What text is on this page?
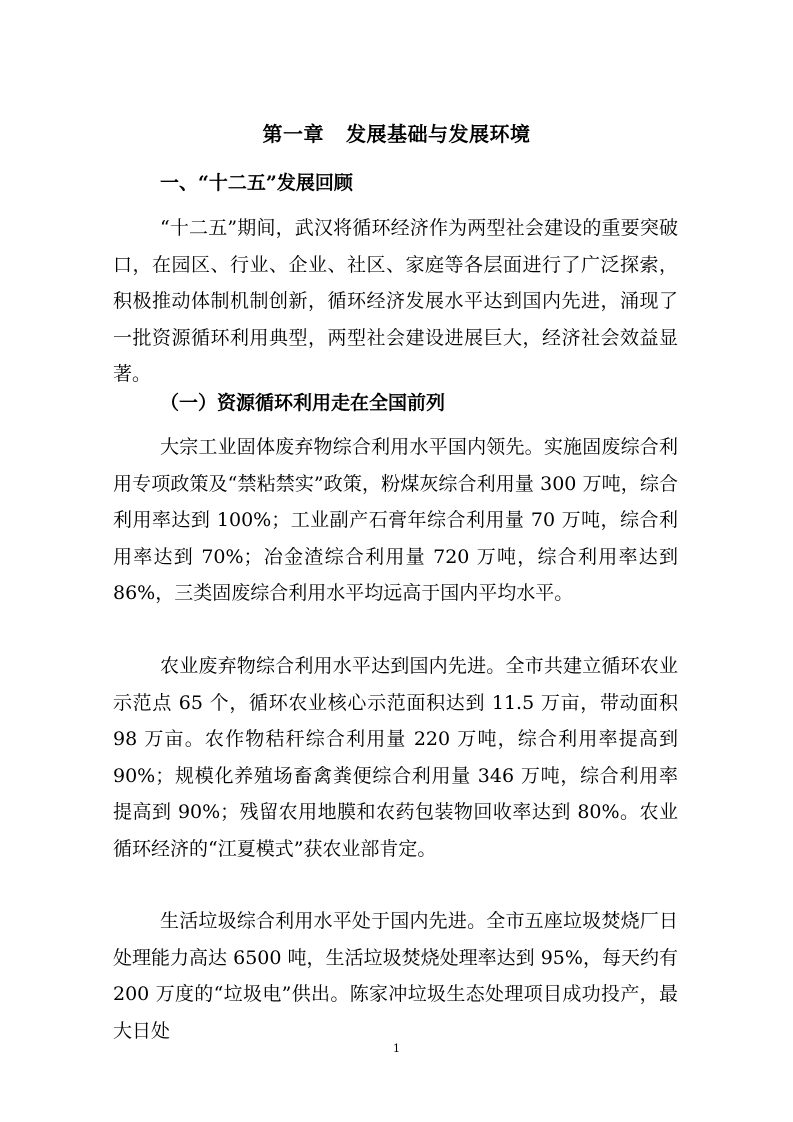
第一章 发展基础与发展环境
一、“十二五”发展回顾

“十二五”期间，武汉将循环经济作为两型社会建设的重要突破口，在园区、行业、企业、社区、家庭等各层面进行了广泛探索，积极推动体制机制创新，循环经济发展水平达到国内先进，涌现了一批资源循环利用典型，两型社会建设进展巨大，经济社会效益显著。

（一）资源循环利用走在全国前列

大宗工业固体废弃物综合利用水平国内领先。实施固废综合利用专项政策及“禁粘禁实”政策，粉煤灰综合利用量 300 万吨，综合利用率达到 100%；工业副产石膏年综合利用量 70 万吨，综合利用率达到 70%；冶金渣综合利用量 720 万吨，综合利用率达到 86%，三类固废综合利用水平均远高于国内平均水平。

农业废弃物综合利用水平达到国内先进。全市共建立循环农业示范点 65 个，循环农业核心示范面积达到 11.5 万亩，带动面积 98 万亩。农作物秸秆综合利用量 220 万吨，综合利用率提高到 90%；规模化养殖场畜禽粪便综合利用量 346 万吨，综合利用率提高到 90%；残留农用地膜和农药包装物回收率达到 80%。农业循环经济的“江夏模式”获农业部肯定。

生活垃圾综合利用水平处于国内先进。全市五座垃圾焚烧厂日处理能力高达 6500 吨，生活垃圾焚烧处理率达到 95%，每天约有 200 万度的“垃圾电”供出。陈家冲垃圾生态处理项目成功投产，最大日处

1
